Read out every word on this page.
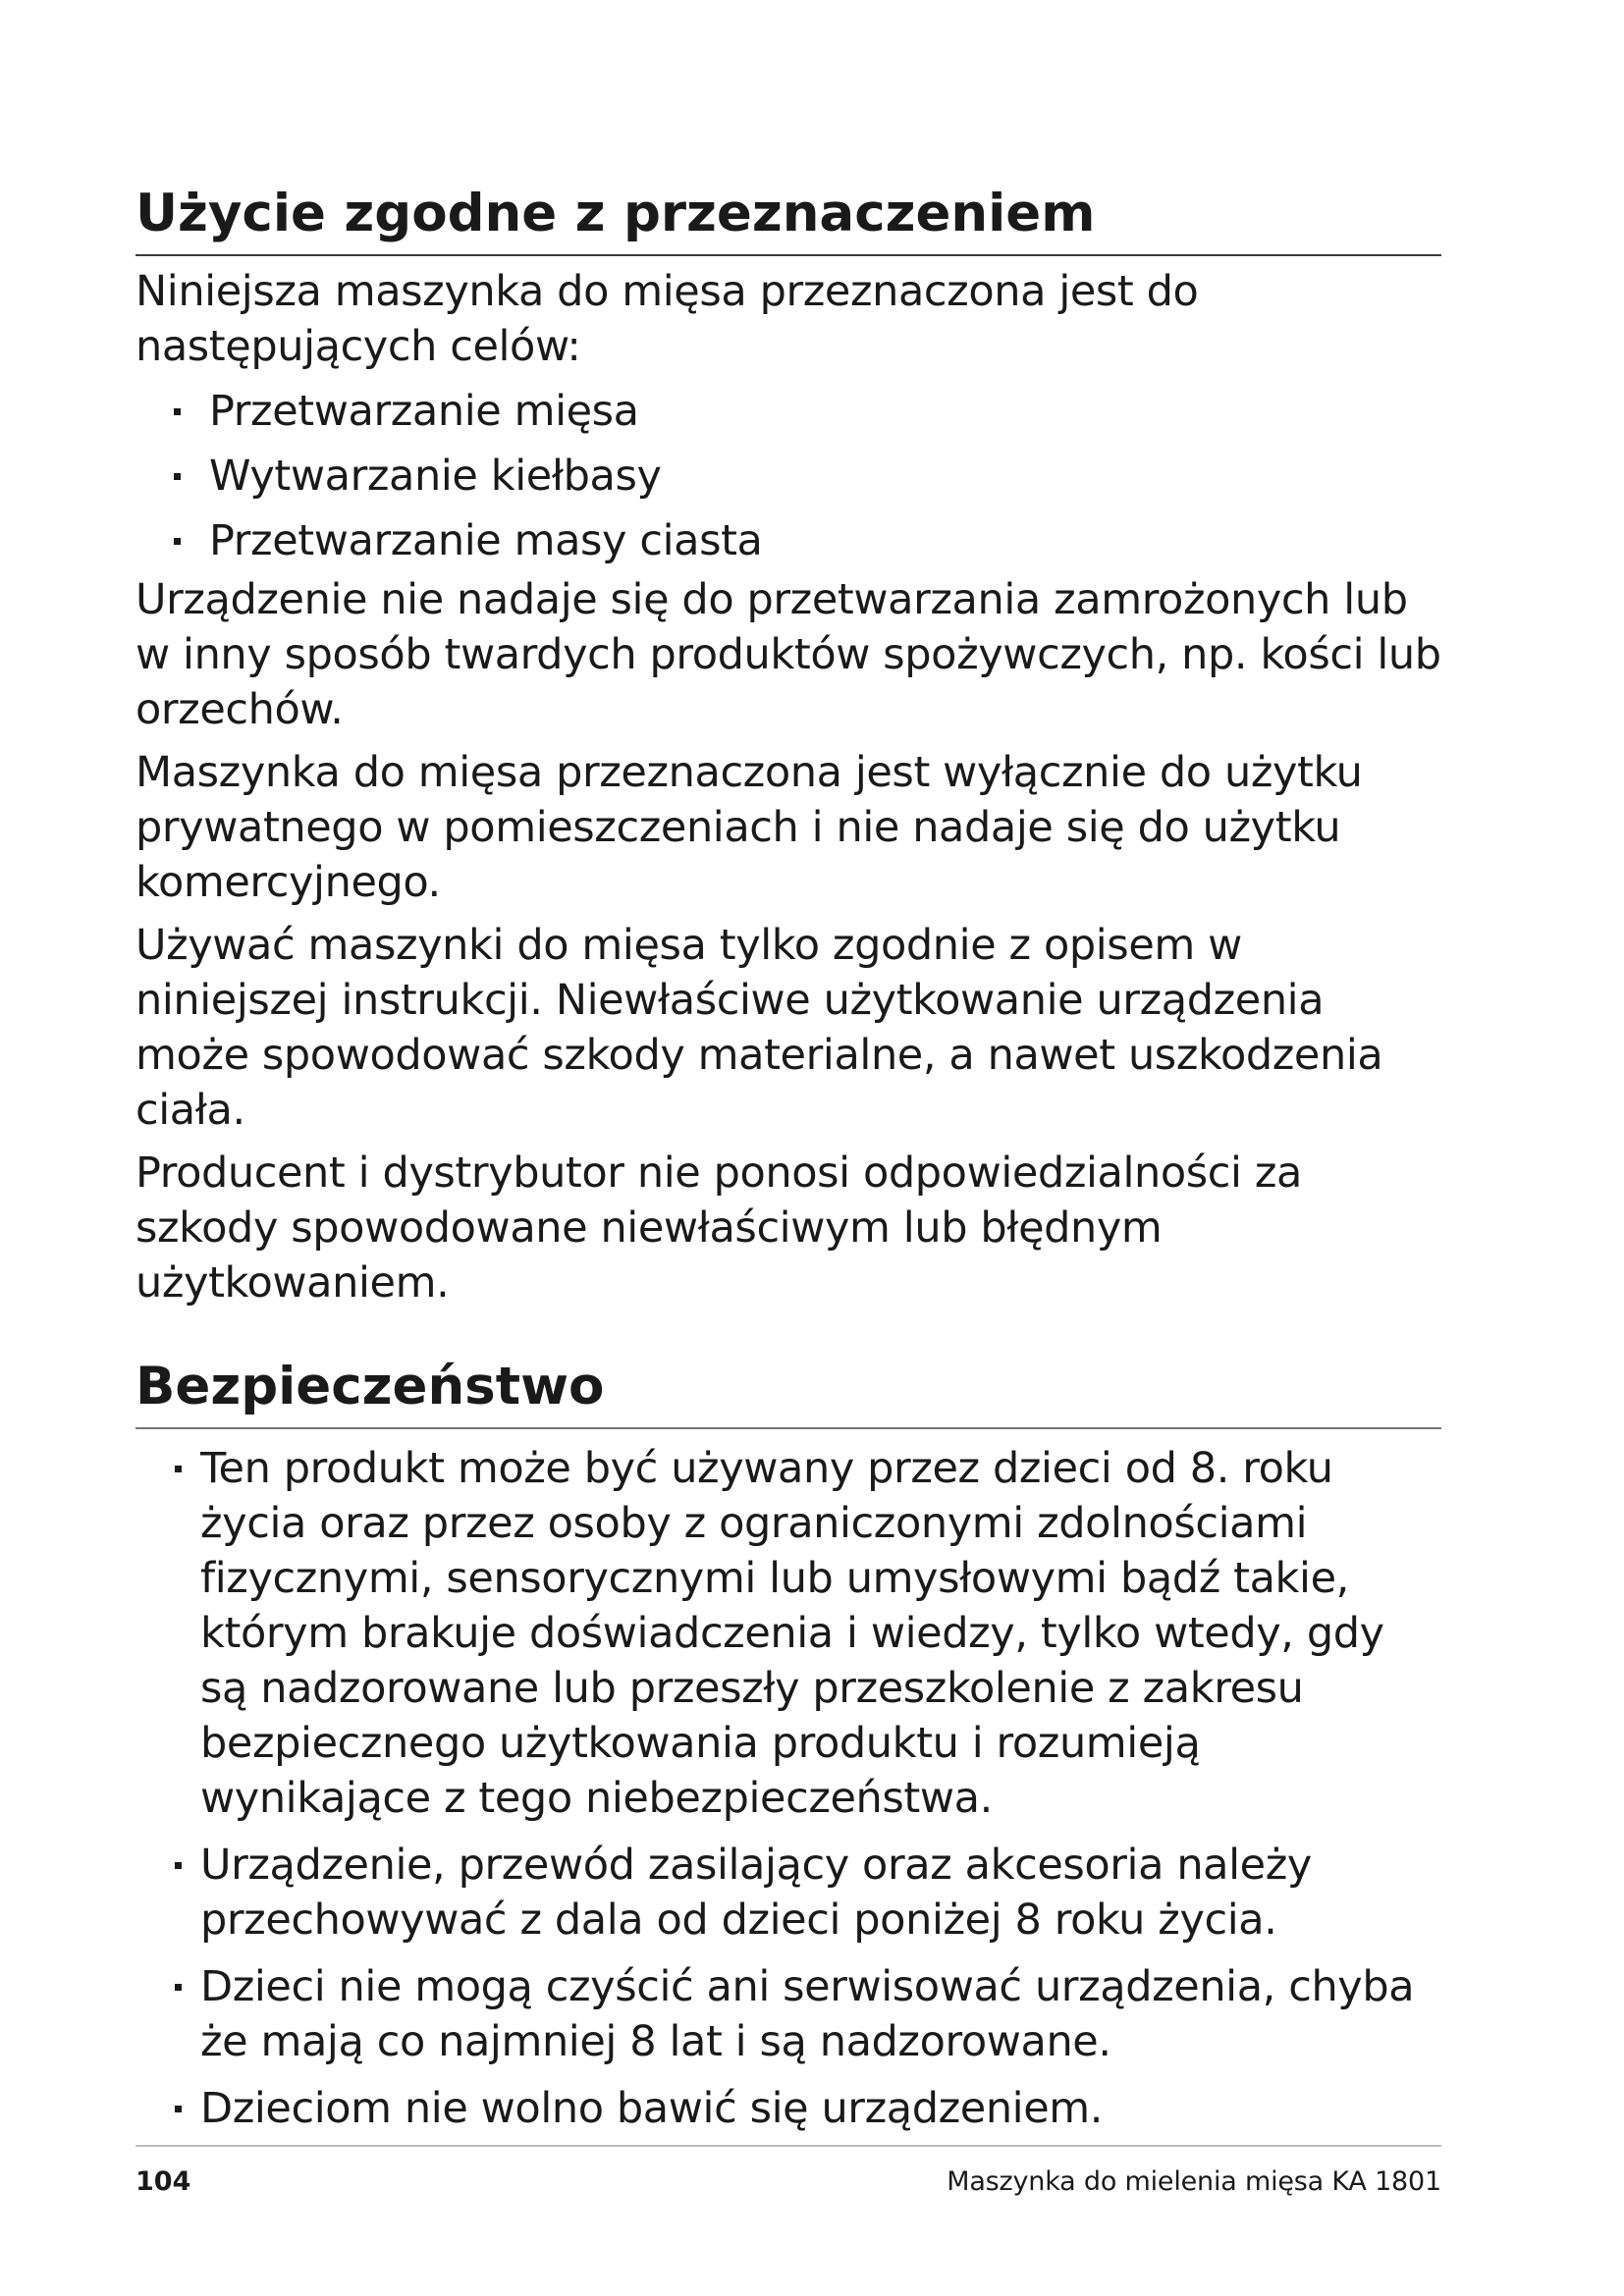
Użycie zgodne z przeznaczeniem

Niniejsza maszynka do mięsa przeznaczona jest do następujących celów:

Przetwarzanie mięsa
Wytwarzanie kiełbasy
Przetwarzanie masy ciasta

Urządzenie nie nadaje się do przetwarzania zamrożonych lub w inny sposób twardych produktów spożywczych, np. kości lub orzechów.

Maszynka do mięsa przeznaczona jest wyłącznie do użytku prywatnego w pomieszczeniach i nie nadaje się do użytku komercyjnego.

Używać maszynki do mięsa tylko zgodnie z opisem w niniejszej instrukcji. Niewłaściwe użytkowanie urządzenia może spowodować szkody materialne, a nawet uszkodzenia ciała.

Producent i dystrybutor nie ponosi odpowiedzialności za szkody spowodowane niewłaściwym lub błędnym użytkowaniem.

Bezpieczeństwo
Ten produkt może być używany przez dzieci od 8. roku życia oraz przez osoby z ograniczonymi zdolnościami fizycznymi, sensorycznymi lub umysłowymi bądź takie, którym brakuje doświadczenia i wiedzy, tylko wtedy, gdy są nadzorowane lub przeszły przeszkolenie z zakresu bezpiecznego użytkowania produktu i rozumieją wynikające z tego niebezpieczeństwa.
Urządzenie, przewód zasilający oraz akcesoria należy przechowywać z dala od dzieci poniżej 8 roku życia.
Dzieci nie mogą czyścić ani serwisować urządzenia, chyba że mają co najmniej 8 lat i są nadzorowane.
Dzieciom nie wolno bawić się urządzeniem.
104	Maszynka do mielenia mięsa KA 1801
